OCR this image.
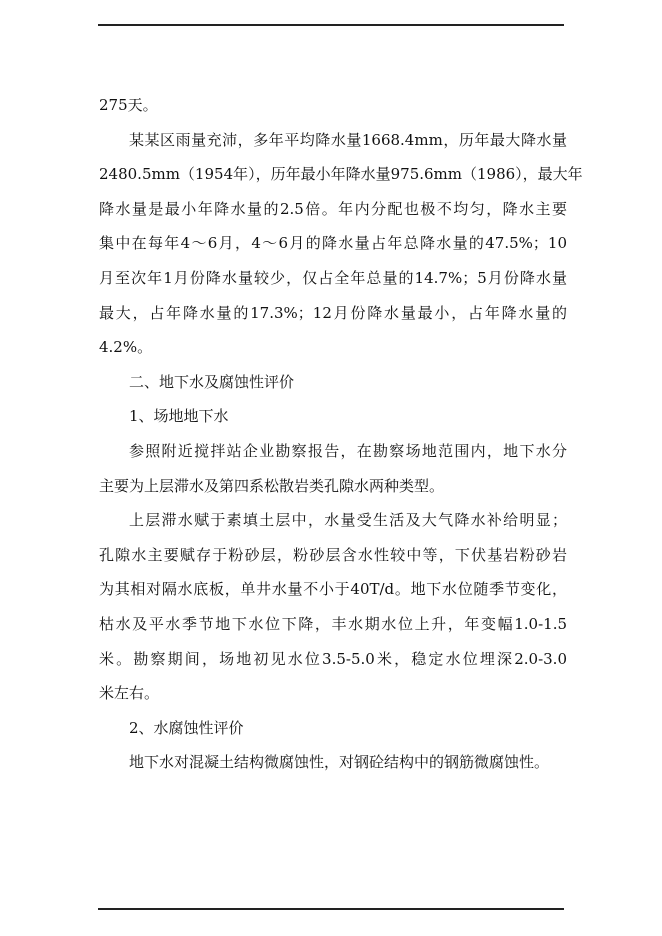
275天。
某某区雨量充沛，多年平均降水量1668.4mm，历年最大降水量
2480.5mm（1954年），历年最小年降水量975.6mm（1986），最大年
降水量是最小年降水量的2.5倍。年内分配也极不均匀，降水主要
集中在每年4～6月，4～6月的降水量占年总降水量的47.5%；10
月至次年1月份降水量较少，仅占全年总量的14.7%；5月份降水量
最大，占年降水量的17.3%；12月份降水量最小，占年降水量的
4.2%。
二、地下水及腐蚀性评价
1、场地地下水
参照附近搅拌站企业勘察报告，在勘察场地范围内，地下水分
主要为上层滞水及第四系松散岩类孔隙水两种类型。
上层滞水赋于素填土层中，水量受生活及大气降水补给明显；
孔隙水主要赋存于粉砂层，粉砂层含水性较中等，下伏基岩粉砂岩
为其相对隔水底板，单井水量不小于40T/d。地下水位随季节变化，
枯水及平水季节地下水位下降，丰水期水位上升，年变幅1.0-1.5
米。勘察期间，场地初见水位3.5-5.0米，稳定水位埋深2.0-3.0
米左右。
2、水腐蚀性评价
地下水对混凝土结构微腐蚀性，对钢砼结构中的钢筋微腐蚀性。
